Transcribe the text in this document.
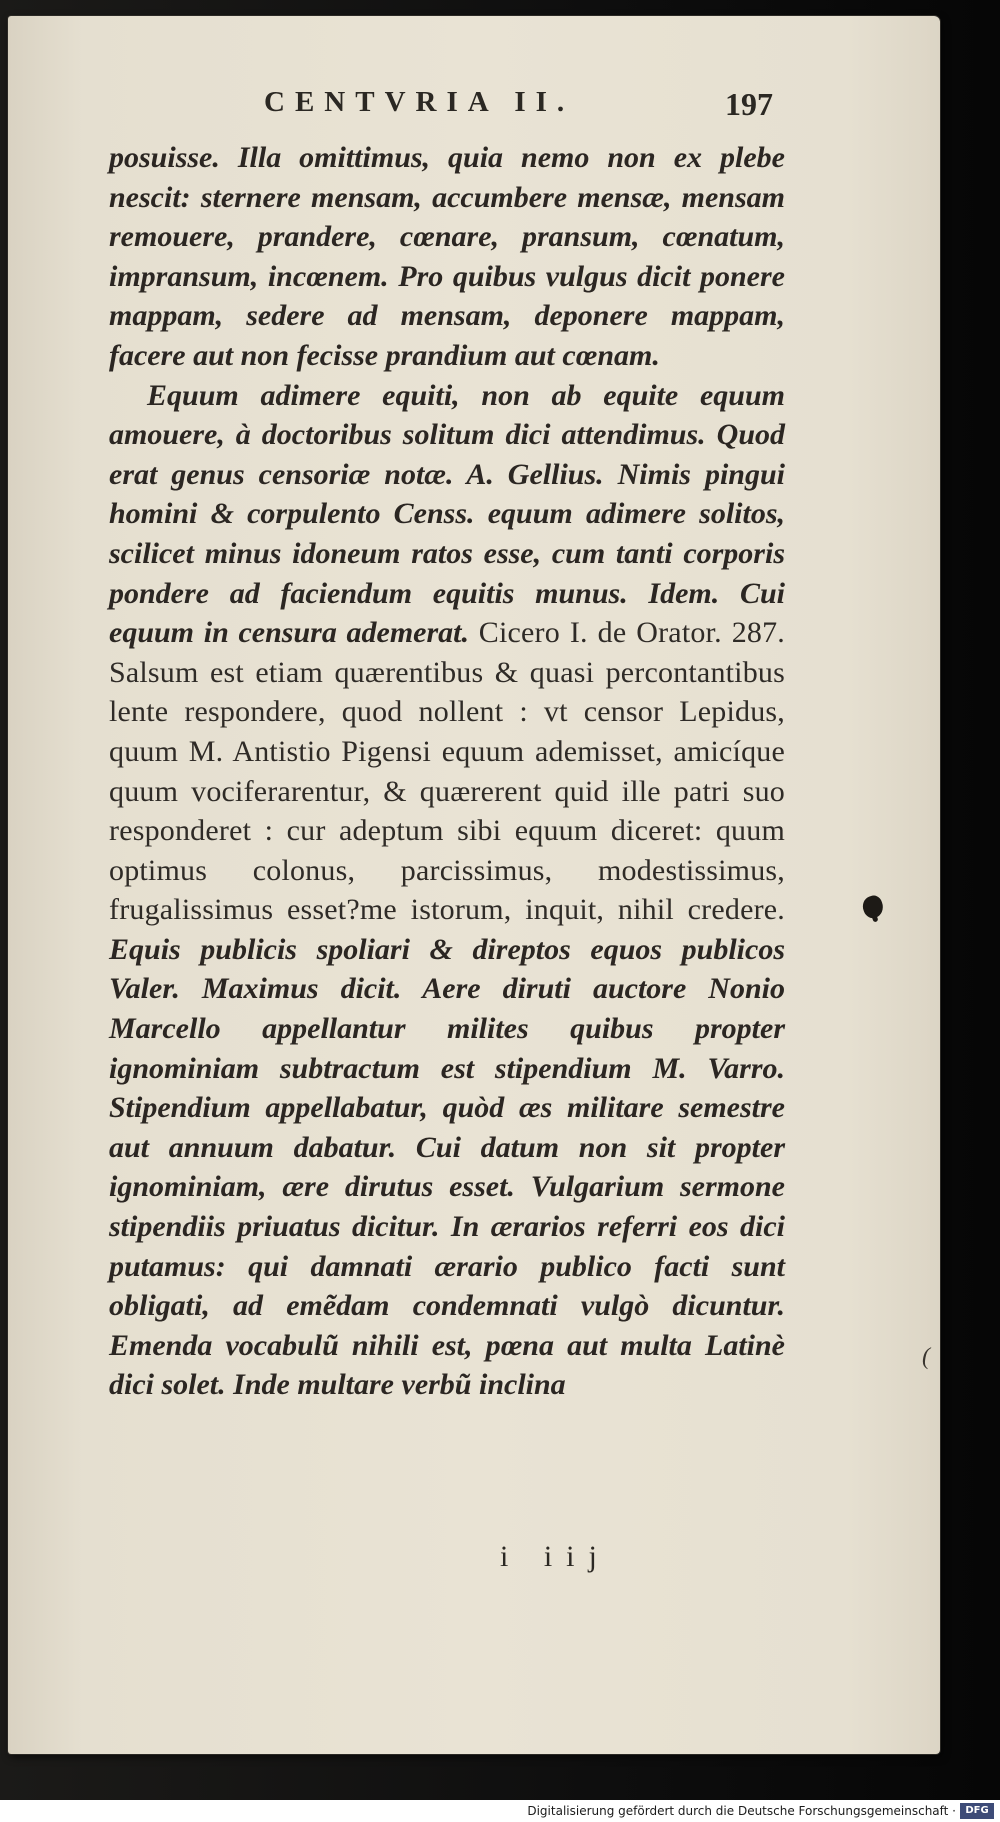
CENTVRIA II.	197

posuisse. Illa omittimus, quia nemo non ex plebe nescit: sternere mensam, accumbere mensæ, mensam remouere, prandere, cœnare, pransum, cœnatum, impransum, incœnem. Pro quibus vulgus dicit ponere mappam, sedere ad mensam, deponere mappam, facere aut non fecisse prandium aut cœnam.

Equum adimere equiti, non ab equite equum amouere, à doctoribus solitum dici attendimus. Quod erat genus censoriæ notæ. A. Gellius. Nimis pingui homini & corpulento Censs. equum adimere solitos, scilicet minus idoneum ratos esse, cum tanti corporis pondere ad faciendum equitis munus. Idem. Cui equum in censura ademerat. Cicero I. de Orator. 287. Salsum est etiam quærentibus & quasi percontantibus lente respondere, quod nollent : vt censor Lepidus, quum M. Antistio Pigensi equum ademisset, amicíque quum vociferarentur, & quærerent quid ille patri suo responderet : cur adeptum sibi equum diceret: quum optimus colonus, parcissimus, modestissimus, frugalissimus esset?me istorum, inquit, nihil credere. Equis publicis spoliari & direptos equos publicos Valer. Maximus dicit. Aere diruti auctore Nonio Marcello appellantur milites quibus propter ignominiam subtractum est stipendium M. Varro. Stipendium appellabatur, quòd æs militare semestre aut annuum dabatur. Cui datum non sit propter ignominiam, ære dirutus esset. Vulgarium sermone stipendiis priuatus dicitur. In ærarios referri eos dici putamus: qui damnati ærario publico facti sunt obligati, ad emẽdam condemnati vulgò dicuntur. Emenda vocabulũ nihili est, pœna aut multa Latinè dici solet. Inde multare verbũ inclina

i iij
(
Digitalisierung gefördert durch die Deutsche Forschungsgemeinschaft · DFG
